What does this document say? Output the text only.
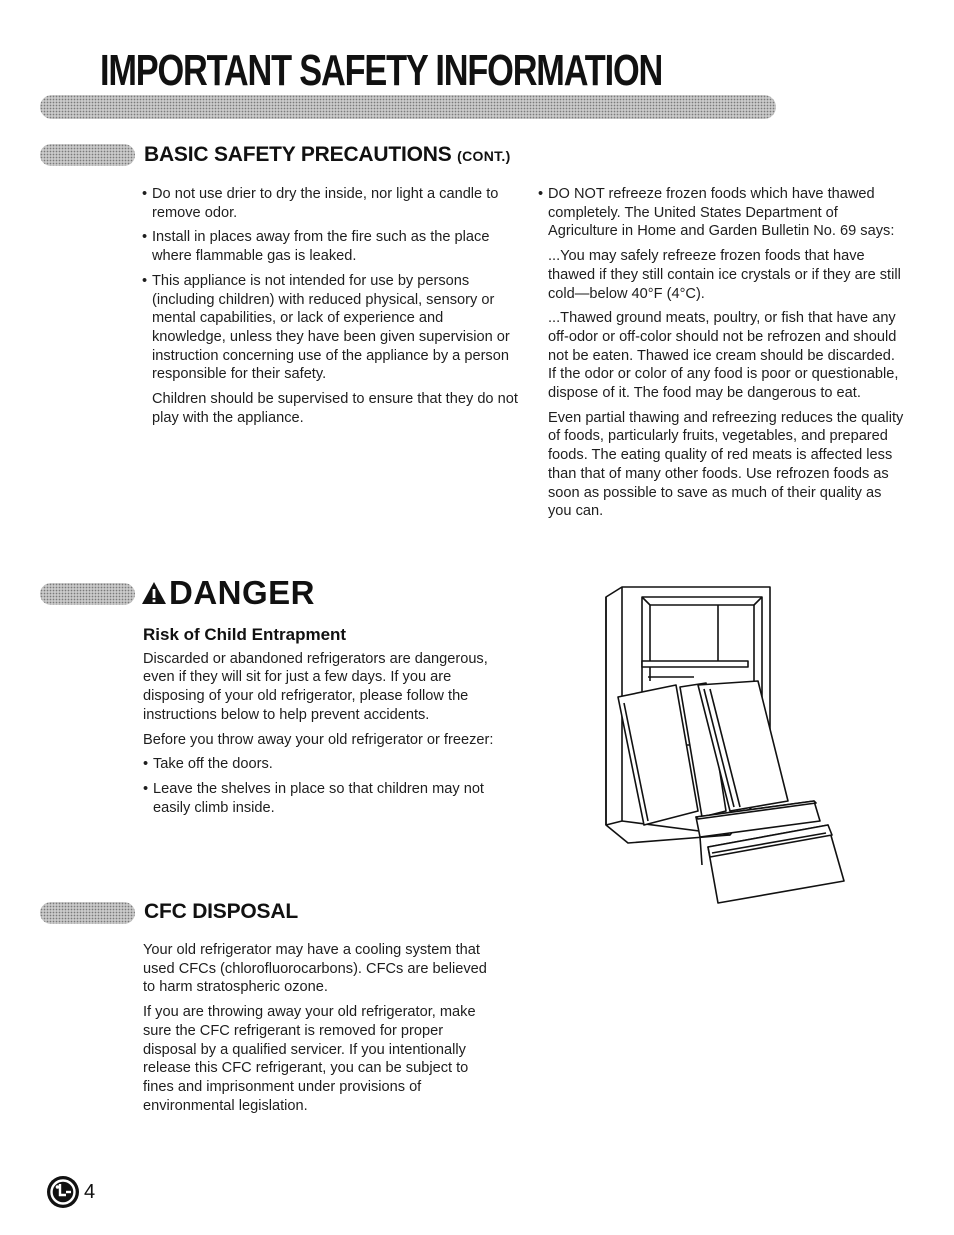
IMPORTANT SAFETY INFORMATION
BASIC SAFETY PRECAUTIONS (CONT.)

• Do not use drier to dry the inside, nor light a candle to remove odor.

• Install in places away from the fire such as the place where flammable gas is leaked.

• This appliance is not intended for use by persons (including children) with reduced physical, sensory or mental capabilities, or lack of experience and knowledge, unless they have been given supervision or instruction concerning use of the appliance by a person responsible for their safety.

Children should be supervised to ensure that they do not play with the appliance.

• DO NOT refreeze frozen foods which have thawed completely. The United States Department of Agriculture in Home and Garden Bulletin No. 69 says:

...You may safely refreeze frozen foods that have thawed if they still contain ice crystals or if they are still cold—below 40°F (4°C).

...Thawed ground meats, poultry, or fish that have any off-odor or off-color should not be refrozen and should not be eaten. Thawed ice cream should be discarded. If the odor or color of any food is poor or questionable, dispose of it. The food may be dangerous to eat.

Even partial thawing and refreezing reduces the quality of foods, particularly fruits, vegetables, and prepared foods. The eating quality of red meats is affected less than that of many other foods. Use refrozen foods as soon as possible to save as much of their quality as you can.

DANGER
Risk of Child Entrapment

Discarded or abandoned refrigerators are dangerous, even if they will sit for just a few days. If you are disposing of your old refrigerator, please follow the instructions below to help prevent accidents.

Before you throw away your old refrigerator or freezer:

• Take off the doors.

• Leave the shelves in place so that children may not easily climb inside.

CFC DISPOSAL

Your old refrigerator may have a cooling system that used CFCs (chlorofluorocarbons). CFCs are believed to harm stratospheric ozone.

If you are throwing away your old refrigerator, make sure the CFC refrigerant is removed for proper disposal by a qualified servicer. If you intentionally release this CFC refrigerant, you can be subject to fines and imprisonment under provisions of environmental legislation.

4
